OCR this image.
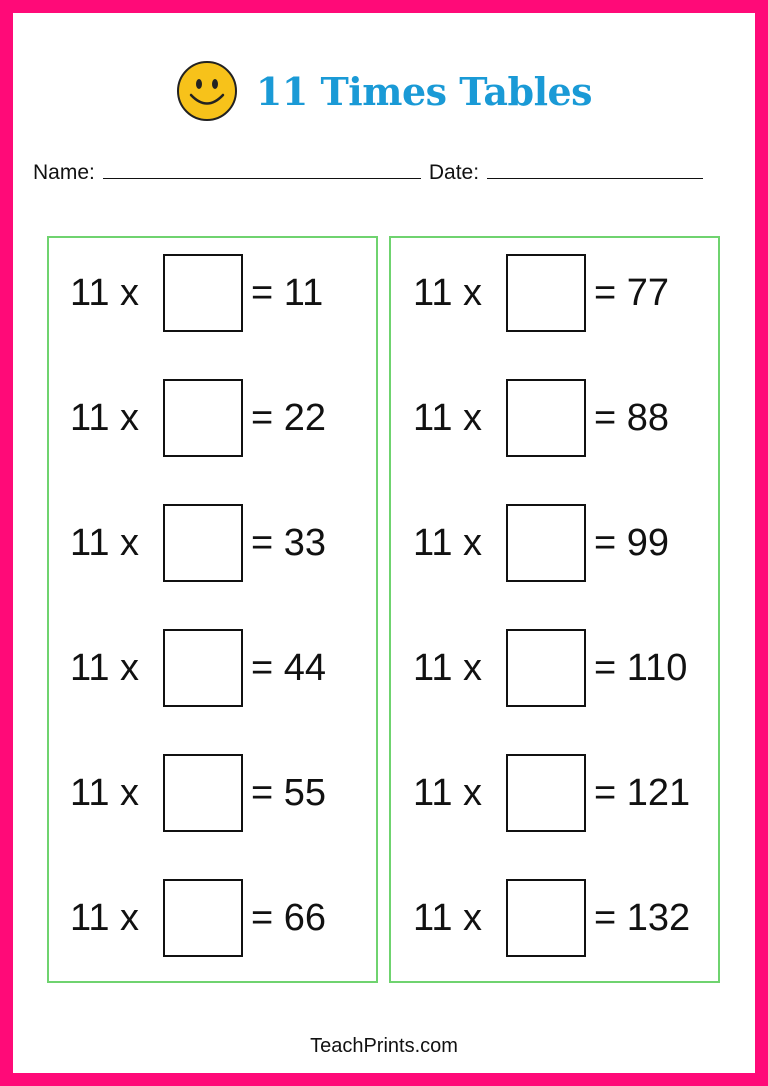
11 Times Tables
Name:	Date:
TeachPrints.com
11 x	= 11
11 x	= 22
11 x	= 33
11 x	= 44
11 x	= 55
11 x	= 66
11 x	= 77
11 x	= 88
11 x	= 99
11 x	= 110
11 x	= 121
11 x	= 132
